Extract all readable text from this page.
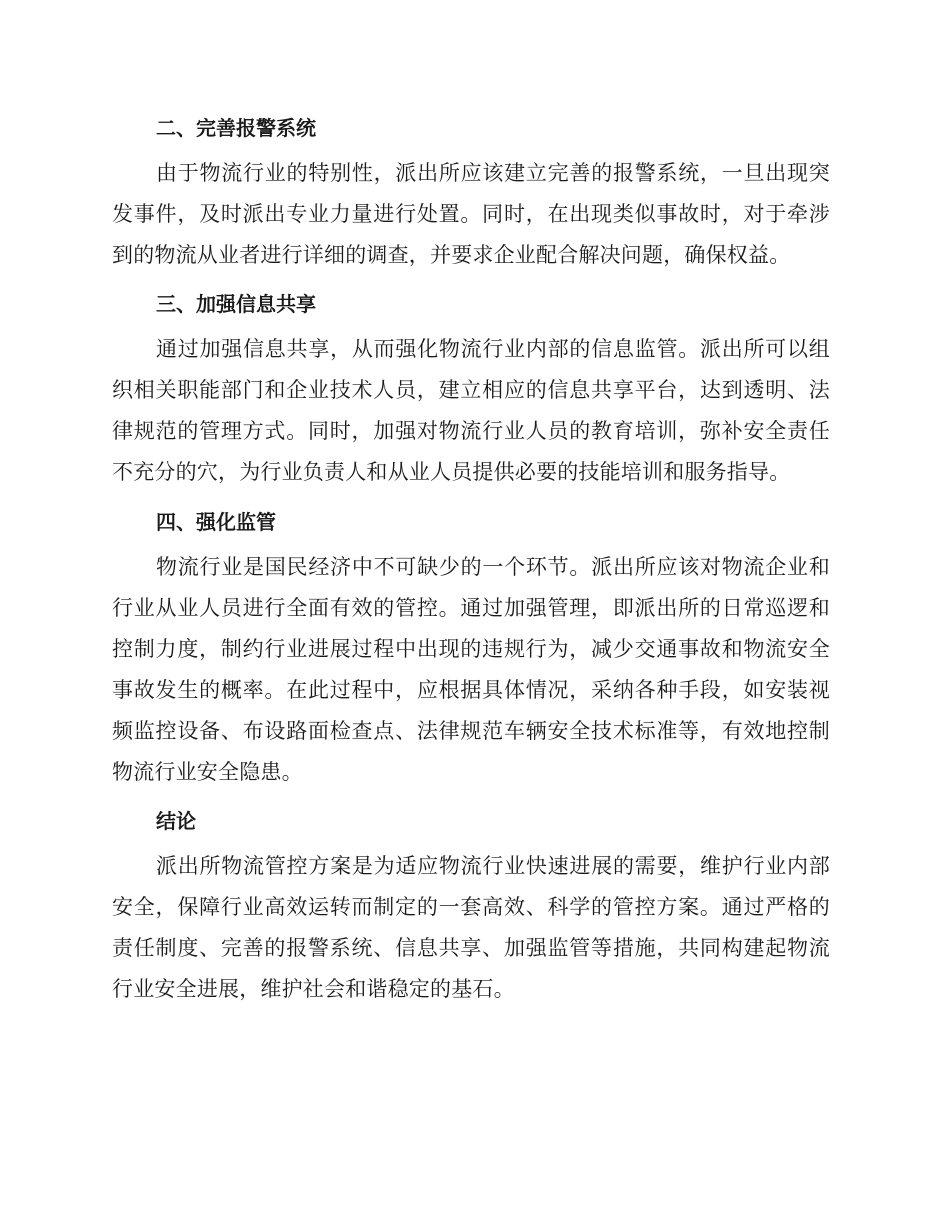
二、完善报警系统

由于物流行业的特别性，派出所应该建立完善的报警系统，一旦出现突发事件，及时派出专业力量进行处置。同时，在出现类似事故时，对于牵涉到的物流从业者进行详细的调查，并要求企业配合解决问题，确保权益。

三、加强信息共享

通过加强信息共享，从而强化物流行业内部的信息监管。派出所可以组织相关职能部门和企业技术人员，建立相应的信息共享平台，达到透明、法律规范的管理方式。同时，加强对物流行业人员的教育培训，弥补安全责任不充分的穴，为行业负责人和从业人员提供必要的技能培训和服务指导。

四、强化监管

物流行业是国民经济中不可缺少的一个环节。派出所应该对物流企业和行业从业人员进行全面有效的管控。通过加强管理，即派出所的日常巡逻和控制力度，制约行业进展过程中出现的违规行为，减少交通事故和物流安全事故发生的概率。在此过程中，应根据具体情况，采纳各种手段，如安装视频监控设备、布设路面检查点、法律规范车辆安全技术标准等，有效地控制物流行业安全隐患。

结论

派出所物流管控方案是为适应物流行业快速进展的需要，维护行业内部安全，保障行业高效运转而制定的一套高效、科学的管控方案。通过严格的责任制度、完善的报警系统、信息共享、加强监管等措施，共同构建起物流行业安全进展，维护社会和谐稳定的基石。
